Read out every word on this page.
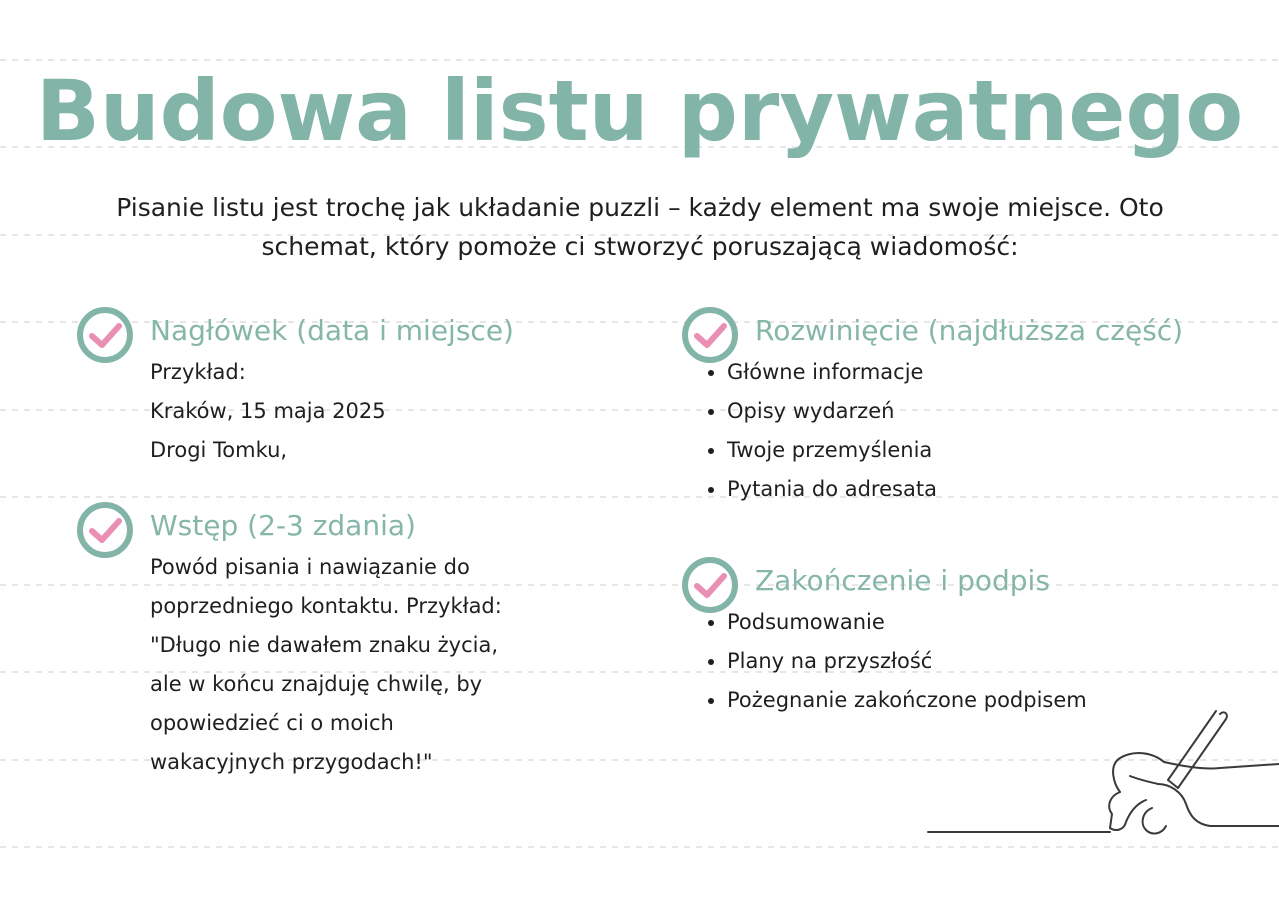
Budowa listu prywatnego

Pisanie listu jest trochę jak układanie puzzli – każdy element ma swoje miejsce. Oto schemat, który pomoże ci stworzyć poruszającą wiadomość:

Nagłówek (data i miejsce)
Przykład:
Kraków, 15 maja 2025
Drogi Tomku,
Wstęp (2-3 zdania)
Powód pisania i nawiązanie do
poprzedniego kontaktu. Przykład:
"Długo nie dawałem znaku życia,
ale w końcu znajduję chwilę, by
opowiedzieć ci o moich
wakacyjnych przygodach!"
Rozwinięcie (najdłuższa część)
• Główne informacje
• Opisy wydarzeń
• Twoje przemyślenia
• Pytania do adresata
Zakończenie i podpis
• Podsumowanie
• Plany na przyszłość
• Pożegnanie zakończone podpisem
